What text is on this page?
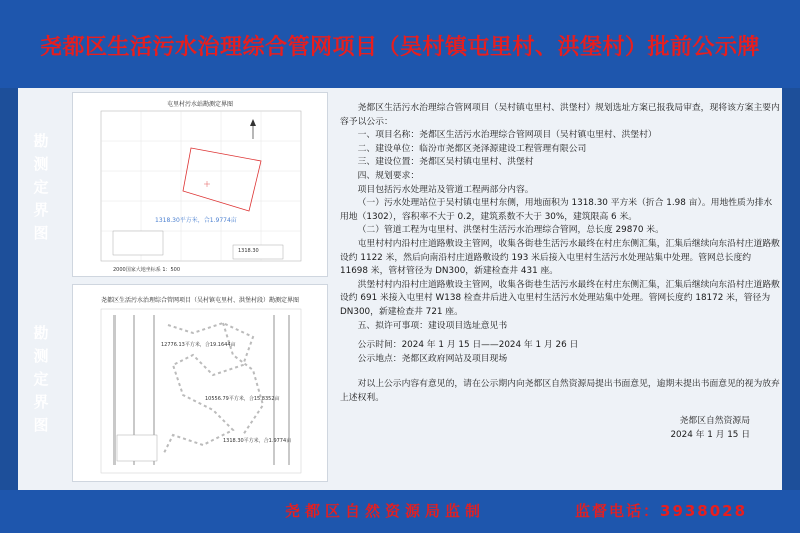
尧都区生活污水治理综合管网项目（吴村镇屯里村、洪堡村）批前公示牌
勘
测
定
界
图
勘
测
定
界
图
屯里村污水站勘测定界图
1318.30平方米，合1.9774亩
1318.30
2000国家大地坐标系 1：500
尧都区生活污水治理综合管网项目（吴村镇屯里村、洪堡村段）勘测定界图
12776.13平方米，合19.1644亩
10556.79平方米，合15.8352亩
1318.30平方米，合1.9774亩

尧都区生活污水治理综合管网项目（吴村镇屯里村、洪堡村）规划选址方案已报我局审查，现将该方案主要内容予以公示：

一、项目名称：尧都区生活污水治理综合管网项目（吴村镇屯里村、洪堡村）

二、建设单位：临汾市尧都区尧泽源建设工程管理有限公司

三、建设位置：尧都区吴村镇屯里村、洪堡村

四、规划要求：

项目包括污水处理站及管道工程两部分内容。

（一）污水处理站位于吴村镇屯里村东侧，用地面积为 1318.30 平方米（折合 1.98 亩）。用地性质为排水用地（1302），容积率不大于 0.2，建筑系数不大于 30%，建筑限高 6 米。

（二）管道工程为屯里村、洪堡村生活污水治理综合管网，总长度 29870 米。

屯里村村内沿村庄道路敷设主管网，收集各街巷生活污水最终在村庄东侧汇集，汇集后继续向东沿村庄道路敷设约 1122 米，然后向南沿村庄道路敷设约 193 米后接入屯里村生活污水处理站集中处理。管网总长度约 11698 米，管材管径为 DN300，新建检查井 431 座。

洪堡村村内沿村庄道路敷设主管网，收集各街巷生活污水最终在村庄东侧汇集，汇集后继续向东沿村庄道路敷设约 691 米接入屯里村 W138 检查井后进入屯里村生活污水处理站集中处理。管网长度约 18172 米，管径为 DN300，新建检查井 721 座。

五、拟许可事项：建设项目选址意见书

公示时间：2024 年 1 月 15 日——2024 年 1 月 26 日

公示地点：尧都区政府网站及项目现场

对以上公示内容有意见的，请在公示期内向尧都区自然资源局提出书面意见，逾期未提出书面意见的视为放弃上述权利。

尧都区自然资源局

2024 年 1 月 15 日

尧都区自然资源局监制	监督电话：3938028
